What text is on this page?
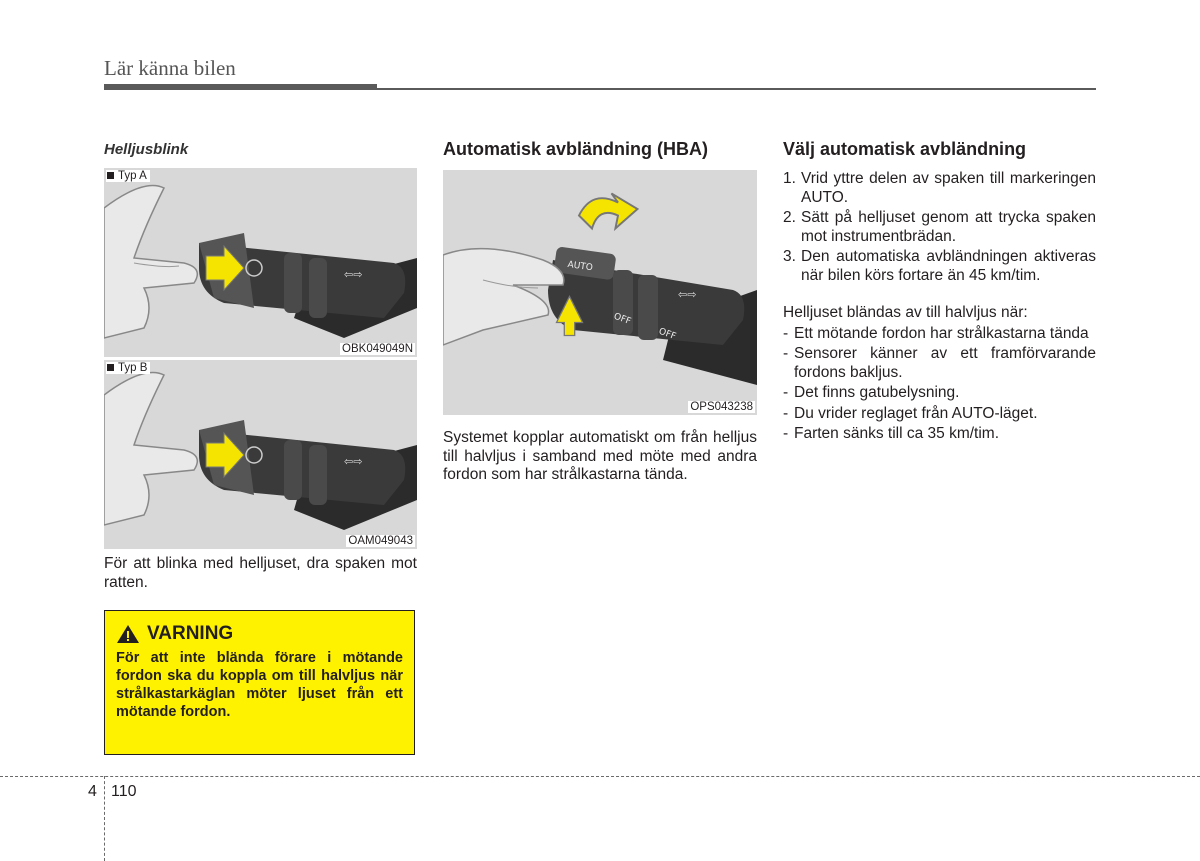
Lär känna bilen
Helljusblink
⇦⇨
Typ A
OBK049049N
⇦⇨
Typ B
OAM049043

För att blinka med helljuset, dra spaken mot ratten.

VARNING
För att inte blända förare i mötande fordon ska du koppla om till halvljus när strålkastarkäglan möter ljuset från ett mötande fordon.
Automatisk avbländning (HBA)
AUTO
OFF
OFF
⇦⇨
OPS043238

Systemet kopplar automatiskt om från helljus till halvljus i samband med möte med andra fordon som har strålkastarna tända.

Välj automatisk avbländning
1. Vrid yttre delen av spaken till markeringen AUTO.
2. Sätt på helljuset genom att trycka spaken mot instrumentbrädan.
3. Den automatiska avbländningen aktiveras när bilen körs fortare än 45 km/tim.

Helljuset bländas av till halvljus när:

- Ett mötande fordon har strålkastarna tända
- Sensorer känner av ett framförvarande fordons bakljus.
- Det finns gatubelysning.
- Du vrider reglaget från AUTO-läget.
- Farten sänks till ca 35 km/tim.
4 110
